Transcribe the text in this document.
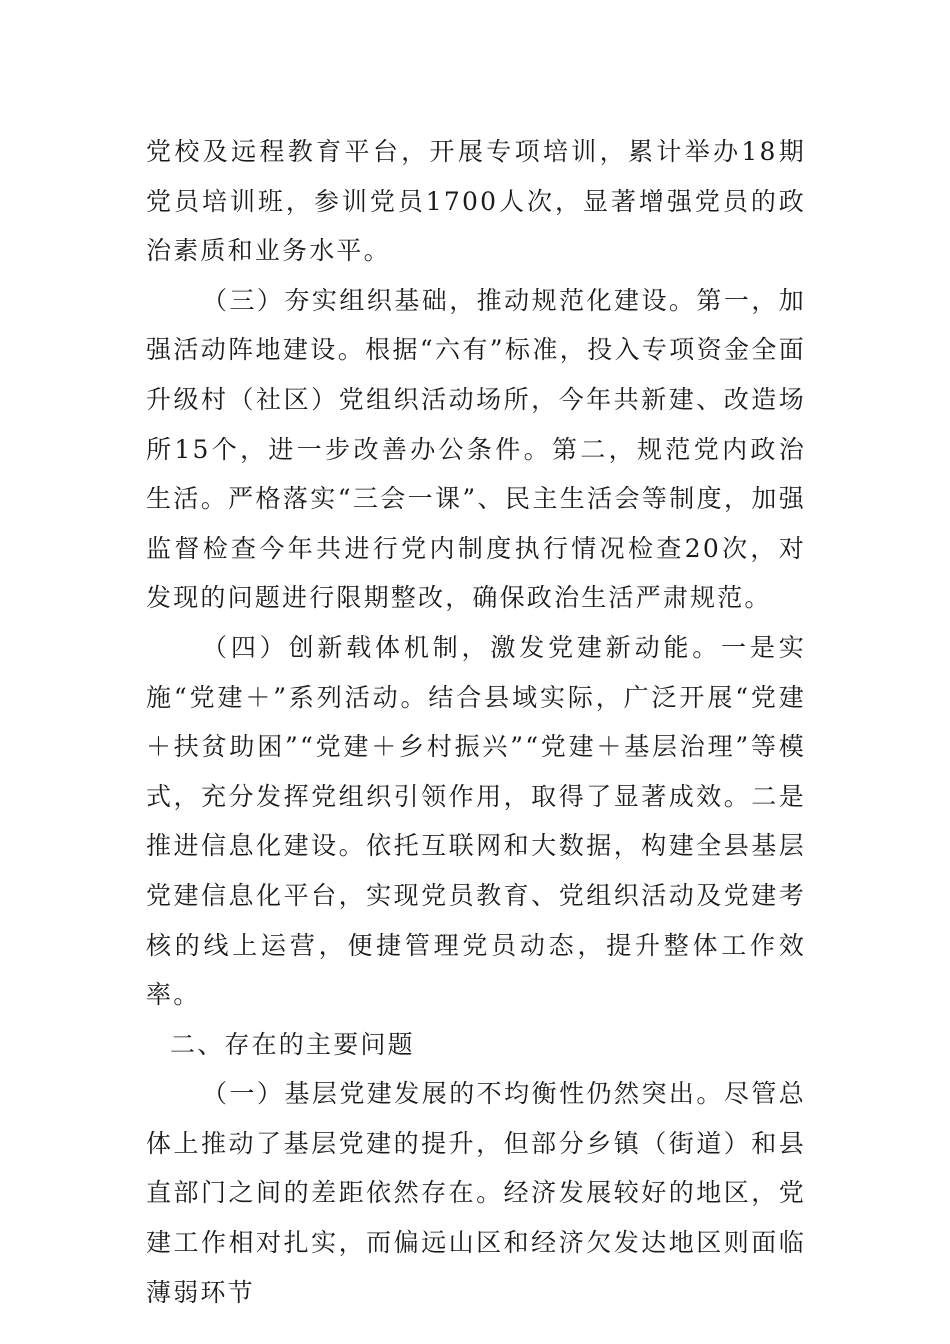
党校及远程教育平台，开展专项培训，累计举办18期党员培训班，参训党员1700人次，显著增强党员的政治素质和业务水平。

（三）夯实组织基础，推动规范化建设。第一，加强活动阵地建设。根据“六有”标准，投入专项资金全面升级村（社区）党组织活动场所，今年共新建、改造场所15个，进一步改善办公条件。第二，规范党内政治生活。严格落实“三会一课”、民主生活会等制度，加强监督检查今年共进行党内制度执行情况检查20次，对发现的问题进行限期整改，确保政治生活严肃规范。

（四）创新载体机制，激发党建新动能。一是实施“党建＋”系列活动。结合县域实际，广泛开展“党建＋扶贫助困”“党建＋乡村振兴”“党建＋基层治理”等模式，充分发挥党组织引领作用，取得了显著成效。二是推进信息化建设。依托互联网和大数据，构建全县基层党建信息化平台，实现党员教育、党组织活动及党建考核的线上运营，便捷管理党员动态，提升整体工作效率。

二、存在的主要问题

（一）基层党建发展的不均衡性仍然突出。尽管总体上推动了基层党建的提升，但部分乡镇（街道）和县直部门之间的差距依然存在。经济发展较好的地区，党建工作相对扎实，而偏远山区和经济欠发达地区则面临薄弱环节
